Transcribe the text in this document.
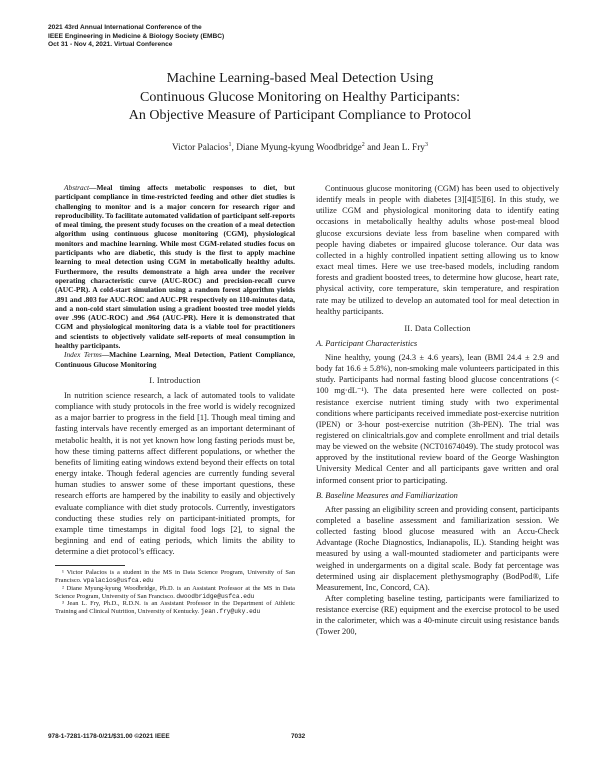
2021 43rd Annual International Conference of the
IEEE Engineering in Medicine & Biology Society (EMBC)
Oct 31 - Nov 4, 2021. Virtual Conference
Machine Learning-based Meal Detection Using
Continuous Glucose Monitoring on Healthy Participants:
An Objective Measure of Participant Compliance to Protocol
Victor Palacios$^1$, Diane Myung-kyung Woodbridge$^2$ and Jean L. Fry$^3$
Abstract—Meal timing affects metabolic responses to diet, but participant compliance in time-restricted feeding and other diet studies is challenging to monitor and is a major concern for research rigor and reproducibility. To facilitate automated validation of participant self-reports of meal timing, the present study focuses on the creation of a meal detection algorithm using continuous glucose monitoring (CGM), physiological monitors and machine learning. While most CGM-related studies focus on participants who are diabetic, this study is the first to apply machine learning to meal detection using CGM in metabolically healthy adults. Furthermore, the results demonstrate a high area under the receiver operating characteristic curve (AUC-ROC) and precision-recall curve (AUC-PR). A cold-start simulation using a random forest algorithm yields .891 and .803 for AUC-ROC and AUC-PR respectively on 110-minutes data, and a non-cold start simulation using a gradient boosted tree model yields over .996 (AUC-ROC) and .964 (AUC-PR). Here it is demonstrated that CGM and physiological monitoring data is a viable tool for practitioners and scientists to objectively validate self-reports of meal consumption in healthy participants.
Index Terms—Machine Learning, Meal Detection, Patient Compliance, Continuous Glucose Monitoring
I. Introduction

In nutrition science research, a lack of automated tools to validate compliance with study protocols in the free world is widely recognized as a major barrier to progress in the field [1]. Though meal timing and fasting intervals have recently emerged as an important determinant of metabolic health, it is not yet known how long fasting periods must be, how these timing patterns affect different populations, or whether the benefits of limiting eating windows extend beyond their effects on total energy intake. Though federal agencies are currently funding several human studies to answer some of these important questions, these research efforts are hampered by the inability to easily and objectively evaluate compliance with diet study protocols. Currently, investigators conducting these studies rely on participant-initiated prompts, for example time timestamps in digital food logs [2], to signal the beginning and end of eating periods, which limits the ability to determine a diet protocol’s efficacy.

¹ Victor Palacios is a student in the MS in Data Science Program, University of San Francisco. vpalacios@usfca.edu
² Diane Myung-kyung Woodbridge, Ph.D. is an Assistant Professor at the MS in Data Science Program, University of San Francisco. dwoodbridge@usfca.edu
³ Jean L. Fry, Ph.D., R.D.N. is an Assistant Professor in the Department of Athletic Training and Clinical Nutrition, University of Kentucky. jean.fry@uky.edu

Continuous glucose monitoring (CGM) has been used to objectively identify meals in people with diabetes [3][4][5][6]. In this study, we utilize CGM and physiological monitoring data to identify eating occasions in metabolically healthy adults whose post-meal blood glucose excursions deviate less from baseline when compared with people having diabetes or impaired glucose tolerance. Our data was collected in a highly controlled inpatient setting allowing us to know exact meal times. Here we use tree-based models, including random forests and gradient boosted trees, to determine how glucose, heart rate, physical activity, core temperature, skin temperature, and respiration rate may be utilized to develop an automated tool for meal detection in healthy participants.

II. Data Collection
A. Participant Characteristics

Nine healthy, young (24.3 ± 4.6 years), lean (BMI 24.4 ± 2.9 and body fat 16.6 ± 5.8%), non-smoking male volunteers participated in this study. Participants had normal fasting blood glucose concentrations (< 100 mg·dL⁻¹). The data presented here were collected on post-resistance exercise nutrient timing study with two experimental conditions where participants received immediate post-exercise nutrition (IPEN) or 3-hour post-exercise nutrition (3h-PEN). The trial was registered on clinicaltrials.gov and complete enrollment and trial details may be viewed on the website (NCT01674049). The study protocol was approved by the institutional review board of the George Washington University Medical Center and all participants gave written and oral informed consent prior to participating.

B. Baseline Measures and Familiarization

After passing an eligibility screen and providing consent, participants completed a baseline assessment and familiarization session. We collected fasting blood glucose measured with an Accu-Check Advantage (Roche Diagnostics, Indianapolis, IL). Standing height was measured by using a wall-mounted stadiometer and participants were weighed in undergarments on a digital scale. Body fat percentage was determined using air displacement plethysmography (BodPod®, Life Measurement, Inc, Concord, CA).

After completing baseline testing, participants were familiarized to resistance exercise (RE) equipment and the exercise protocol to be used in the calorimeter, which was a 40-minute circuit using resistance bands (Tower 200,

978-1-7281-1178-0/21/$31.00 ©2021 IEEE	7032
